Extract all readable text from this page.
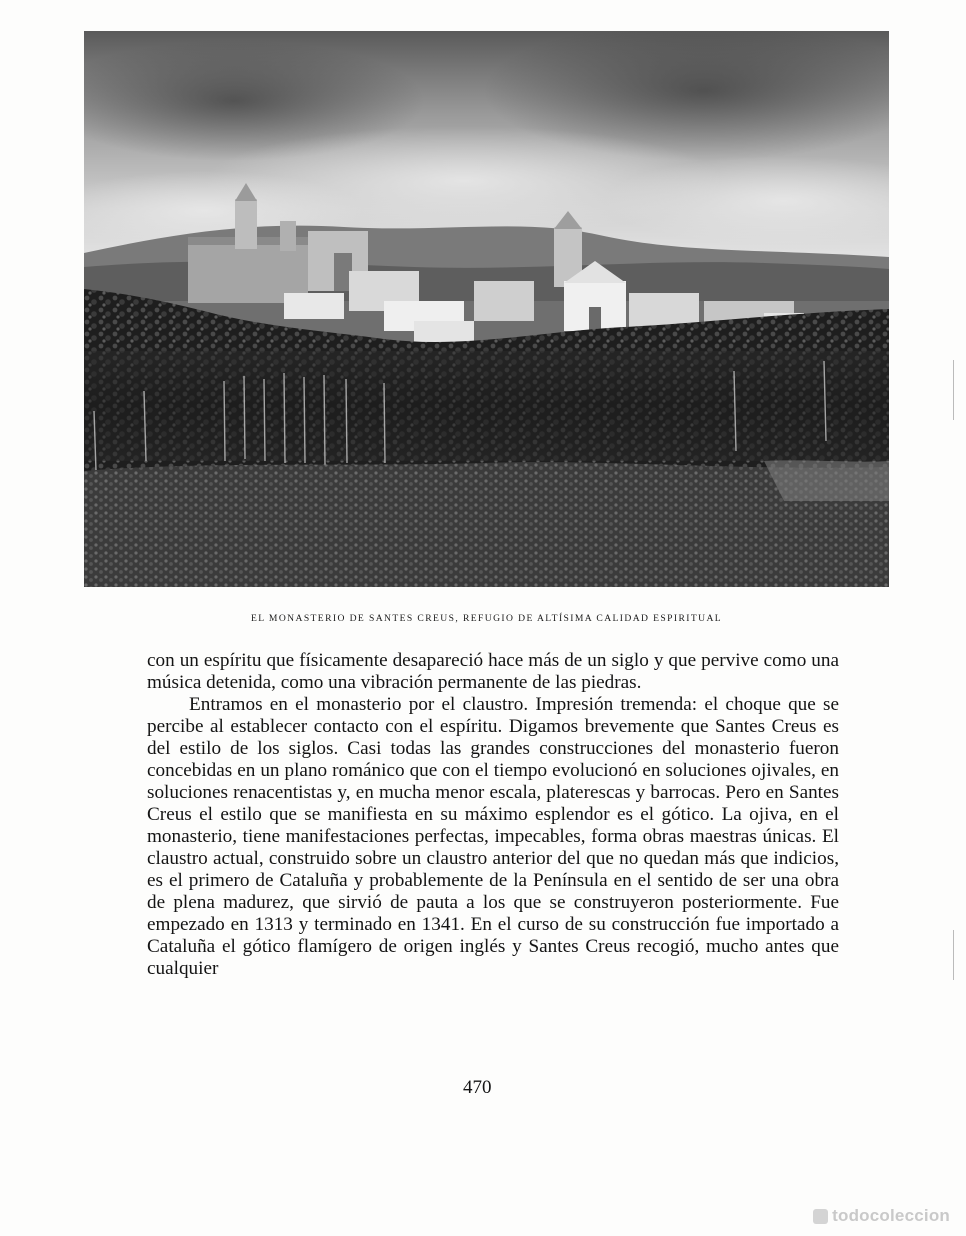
EL MONASTERIO DE SANTES CREUS, REFUGIO DE ALTÍSIMA CALIDAD ESPIRITUAL

con un espíritu que físicamente desapareció hace más de un siglo y que pervive como una música detenida, como una vibración permanente de las piedras.

Entramos en el monasterio por el claustro. Impresión tremenda: el choque que se percibe al establecer contacto con el espíritu. Digamos brevemente que Santes Creus es del estilo de los siglos. Casi todas las grandes construcciones del monasterio fueron concebidas en un plano románico que con el tiempo evolucionó en soluciones ojivales, en soluciones renacentistas y, en mucha menor escala, platerescas y barrocas. Pero en Santes Creus el estilo que se manifiesta en su máximo esplendor es el gótico. La ojiva, en el monasterio, tiene manifestaciones perfectas, impecables, forma obras maestras únicas. El claustro actual, construido sobre un claustro anterior del que no quedan más que indicios, es el primero de Cataluña y probablemente de la Península en el sentido de ser una obra de plena madurez, que sirvió de pauta a los que se construyeron posteriormente. Fue empezado en 1313 y terminado en 1341. En el curso de su construcción fue importado a Cataluña el gótico flamígero de origen inglés y Santes Creus recogió, mucho antes que cualquier

470
todocoleccion
